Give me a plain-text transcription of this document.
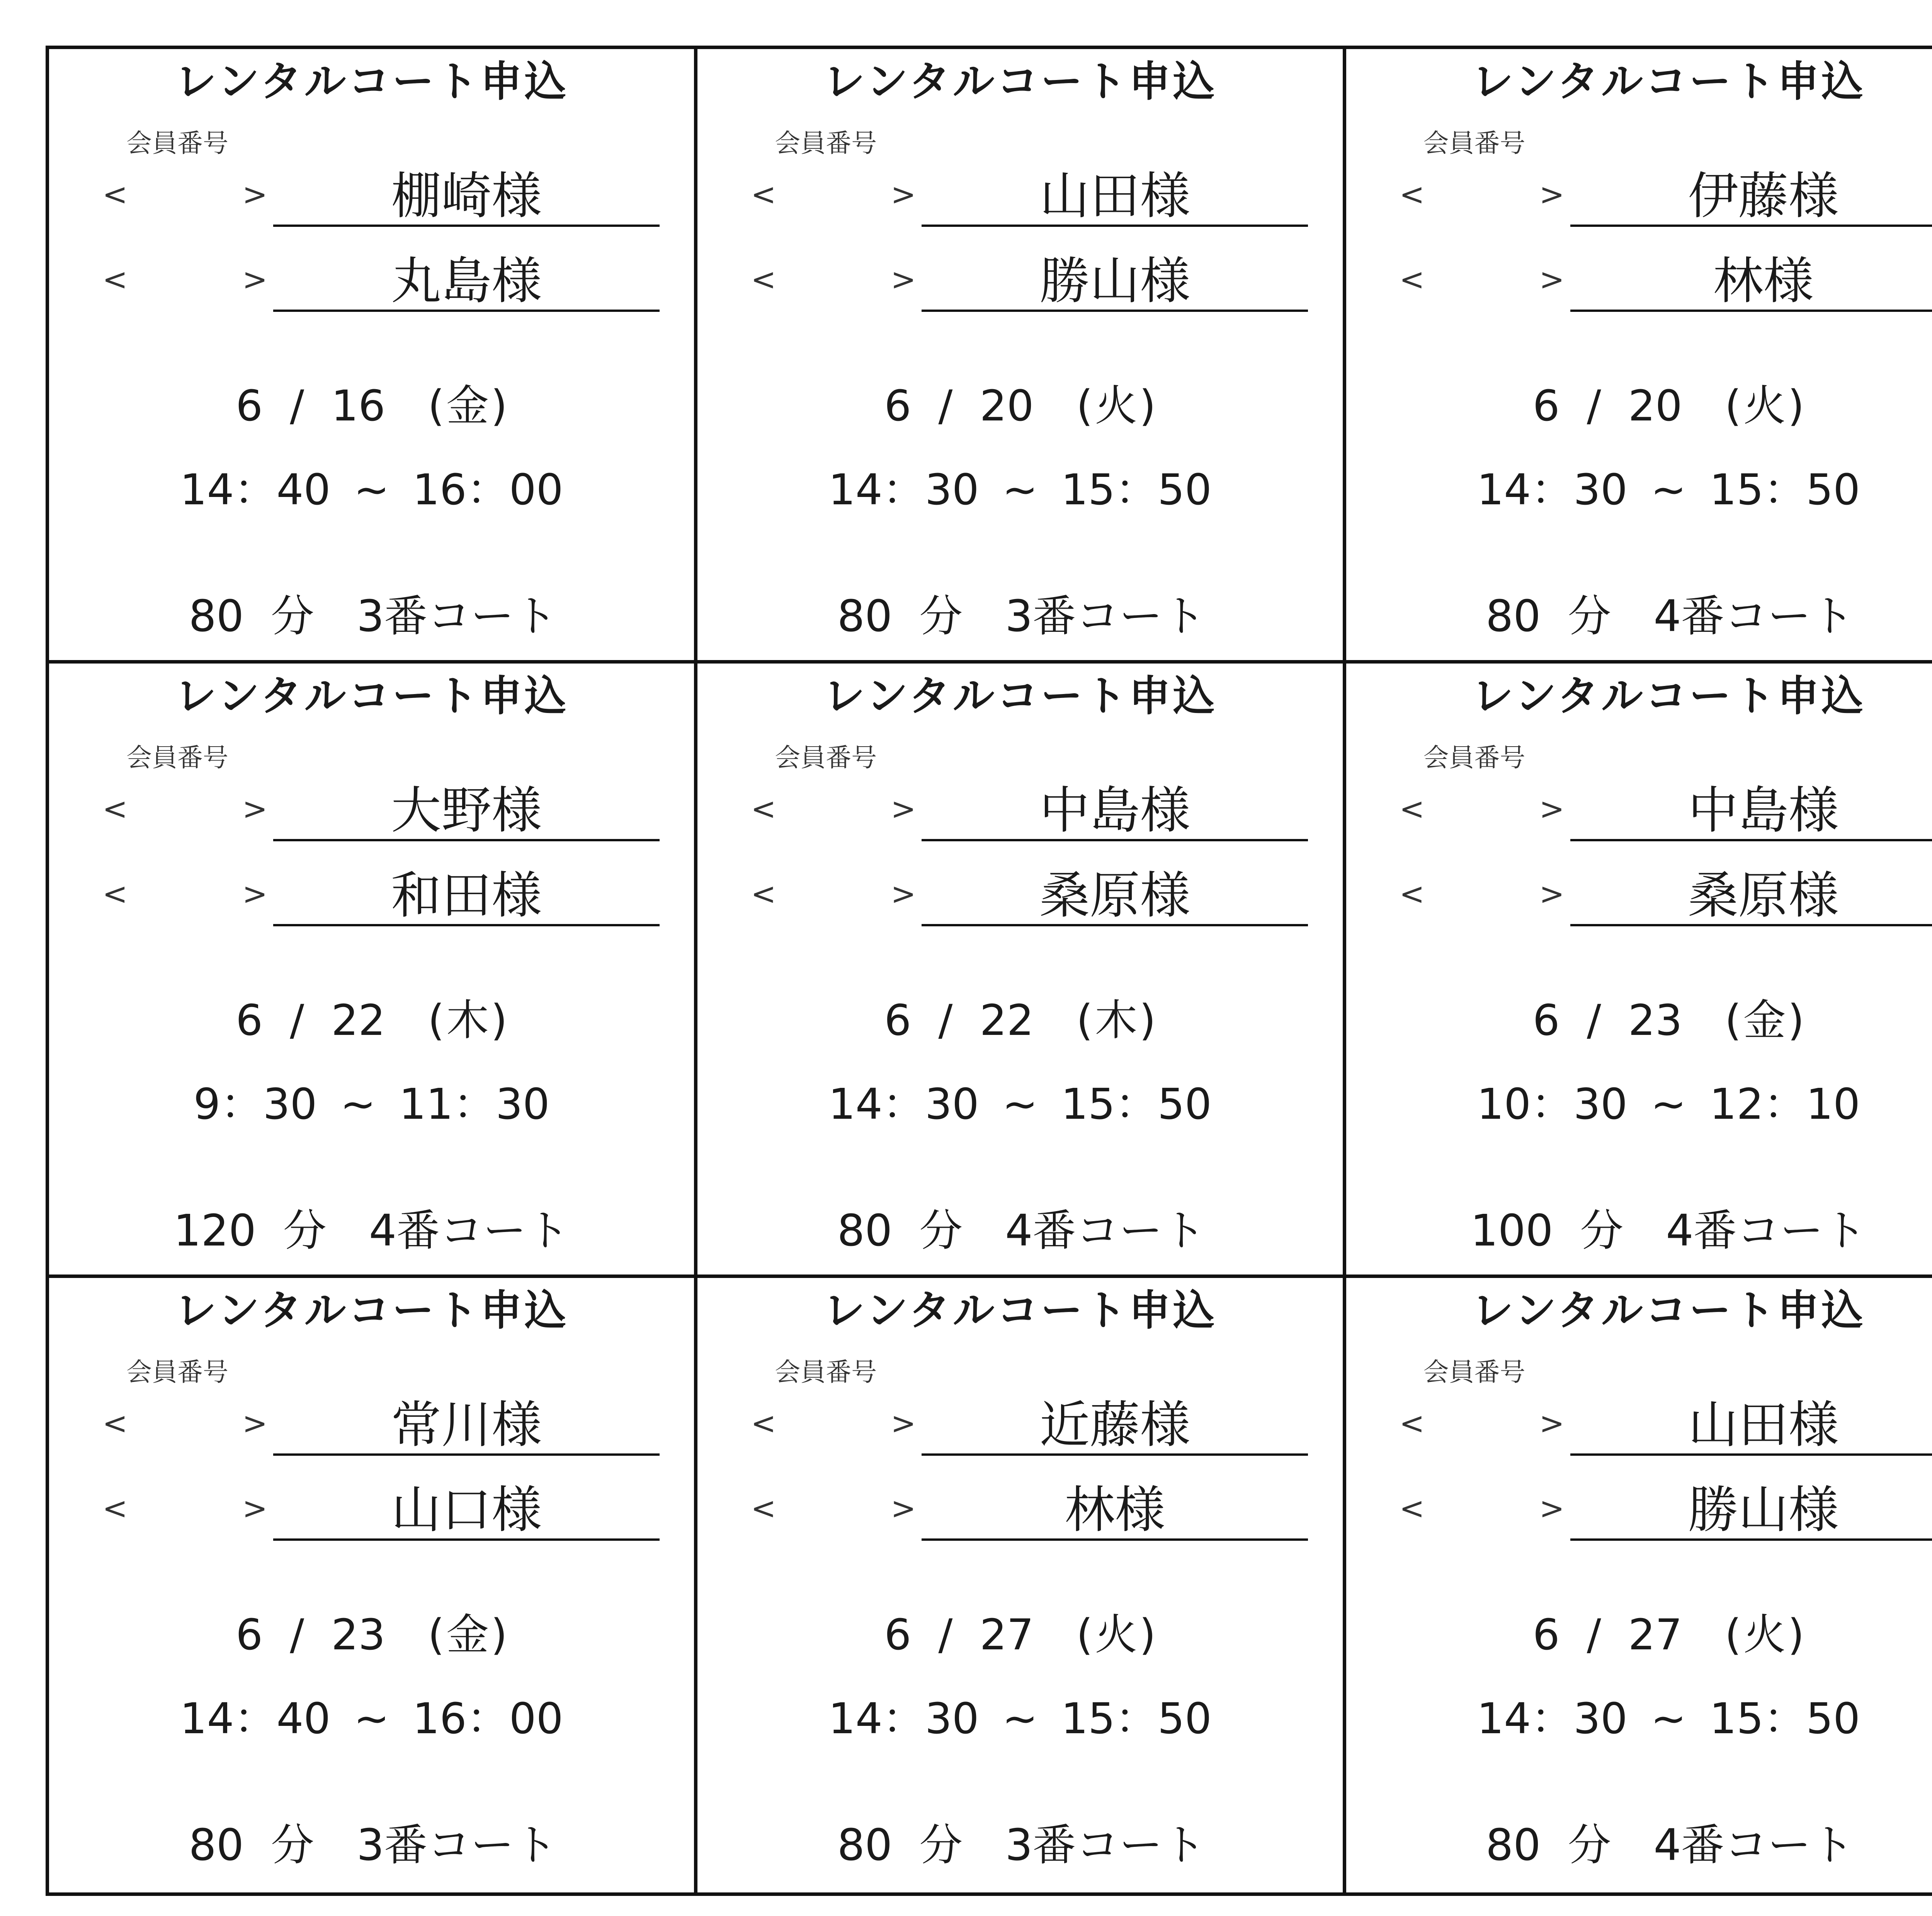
レンタルコート申込
会員番号
<	>	棚崎様
<	>	丸島様
6 / 16 ( 金 )
14：40 ~ 16：00
80 分 3 番コート
レンタルコート申込
会員番号
<	>	山田様
<	>	勝山様
6 / 20 ( 火 )
14：30 ~ 15：50
80 分 3 番コート
レンタルコート申込
会員番号
<	>	伊藤様
<	>	林様
6 / 20 ( 火 )
14：30 ~ 15：50
80 分 4 番コート
レンタルコート申込
会員番号
<	>	大野様
<	>	和田様
6 / 22 ( 木 )
9：30 ~ 11：30
120 分 4 番コート
レンタルコート申込
会員番号
<	>	中島様
<	>	桑原様
6 / 22 ( 木 )
14：30 ~ 15：50
80 分 4 番コート
レンタルコート申込
会員番号
<	>	中島様
<	>	桑原様
6 / 23 ( 金 )
10：30 ~ 12：10
100 分 4 番コート
レンタルコート申込
会員番号
<	>	常川様
<	>	山口様
6 / 23 ( 金 )
14：40 ~ 16：00
80 分 3 番コート
レンタルコート申込
会員番号
<	>	近藤様
<	>	林様
6 / 27 ( 火 )
14：30 ~ 15：50
80 分 3 番コート
レンタルコート申込
会員番号
<	>	山田様
<	>	勝山様
6 / 27 ( 火 )
14：30 ~ 15：50
80 分 4 番コート
